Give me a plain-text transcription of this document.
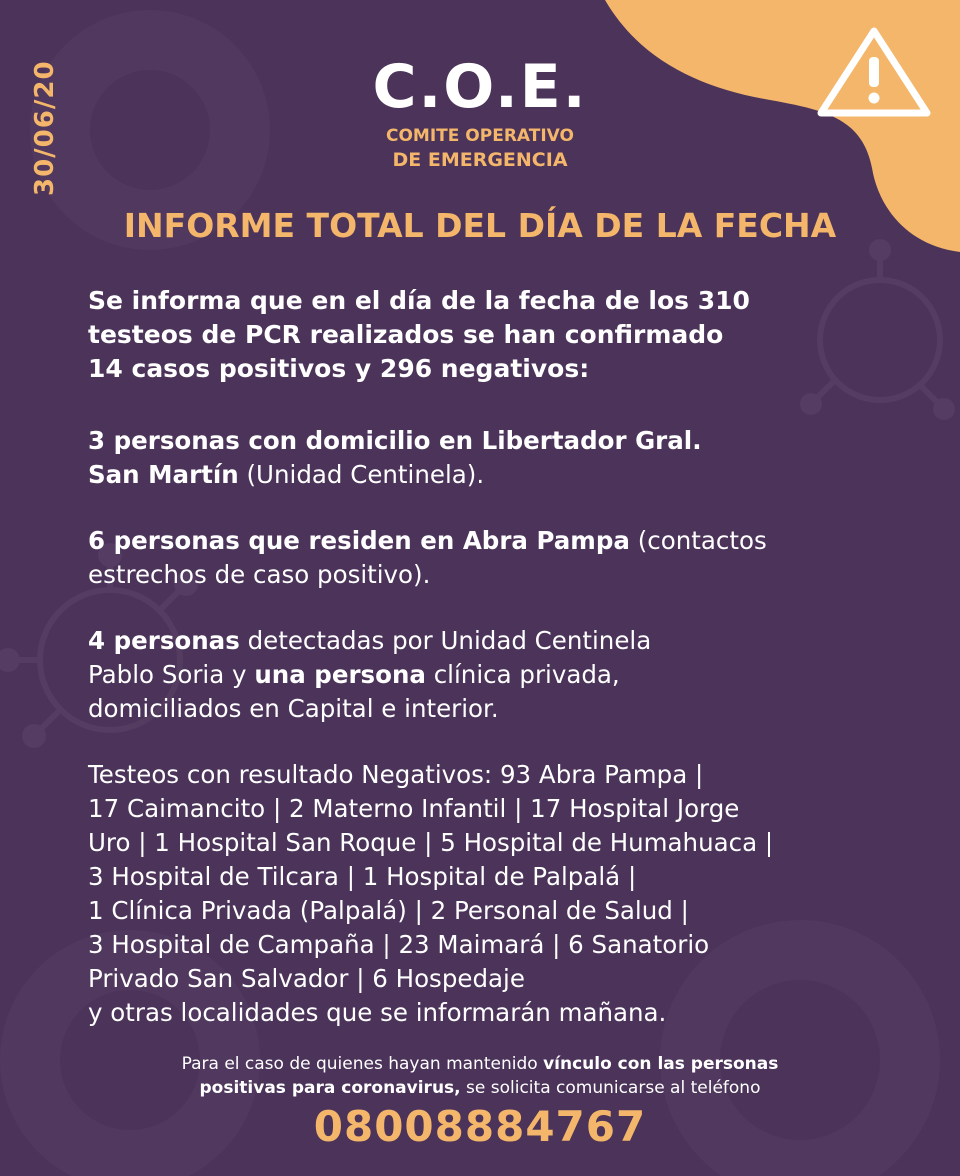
30/06/20	C.O.E.
COMITE OPERATIVO
DE EMERGENCIA
INFORME TOTAL DEL DÍA DE LA FECHA
Se informa que en el día de la fecha de los 310
testeos de PCR realizados se han confirmado
14 casos positivos y 296 negativos:
3 personas con domicilio en Libertador Gral.
San Martín (Unidad Centinela).
6 personas que residen en Abra Pampa (contactos
estrechos de caso positivo).
4 personas detectadas por Unidad Centinela
Pablo Soria y una persona clínica privada,
domiciliados en Capital e interior.
Testeos con resultado Negativos: 93 Abra Pampa |
17 Caimancito | 2 Materno Infantil | 17 Hospital Jorge
Uro | 1 Hospital San Roque | 5 Hospital de Humahuaca |
3 Hospital de Tilcara | 1 Hospital de Palpalá |
1 Clínica Privada (Palpalá) | 2 Personal de Salud |
3 Hospital de Campaña | 23 Maimará | 6 Sanatorio
Privado San Salvador | 6 Hospedaje
y otras localidades que se informarán mañana.
Para el caso de quienes hayan mantenido vínculo con las personas
positivas para coronavirus, se solicita comunicarse al teléfono
08008884767
